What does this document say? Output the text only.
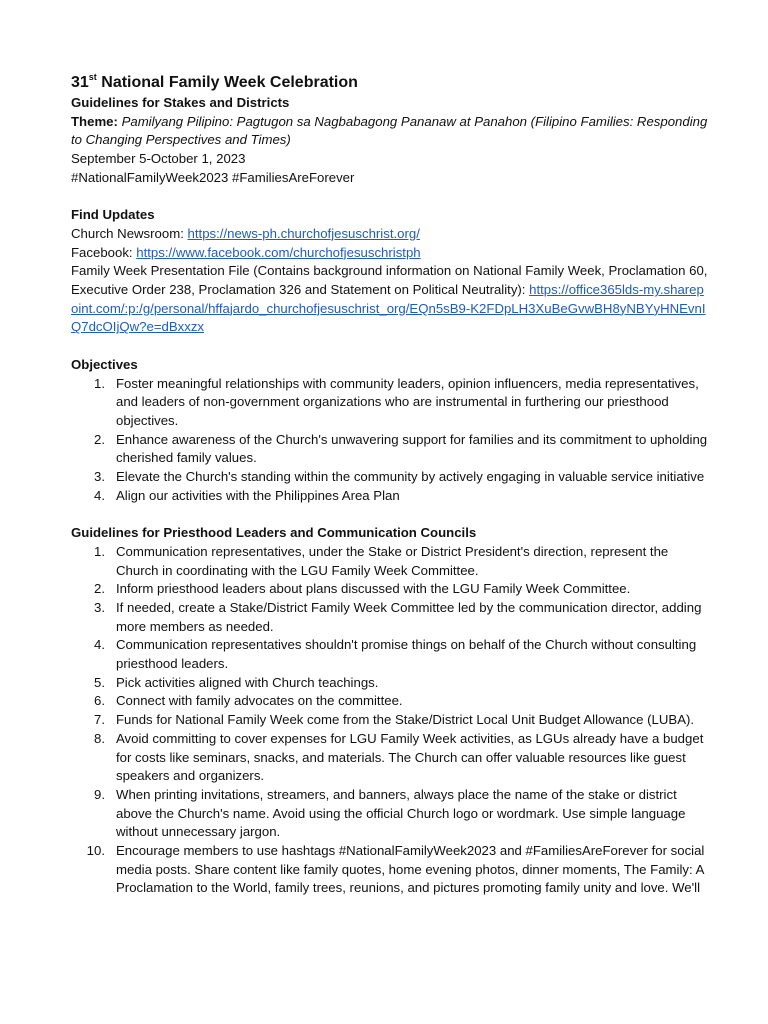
31st National Family Week Celebration

Guidelines for Stakes and Districts

Theme: Pamilyang Pilipino: Pagtugon sa Nagbabagong Pananaw at Panahon (Filipino Families: Responding to Changing Perspectives and Times)

September 5-October 1, 2023

#NationalFamilyWeek2023 #FamiliesAreForever

Find Updates

Church Newsroom: https://news-ph.churchofjesuschrist.org/

Facebook: https://www.facebook.com/churchofjesuschristph

Family Week Presentation File (Contains background information on National Family Week, Proclamation 60, Executive Order 238, Proclamation 326 and Statement on Political Neutrality): https://office365lds-my.sharepoint.com/:p:/g/personal/hffajardo_churchofjesuschrist_org/EQn5sB9-K2FDpLH3XuBeGvwBH8yNBYyHNEvnIQ7dcOIjQw?e=dBxxzx

Objectives

1. Foster meaningful relationships with community leaders, opinion influencers, media representatives, and leaders of non-government organizations who are instrumental in furthering our priesthood objectives.
2. Enhance awareness of the Church's unwavering support for families and its commitment to upholding cherished family values.
3. Elevate the Church's standing within the community by actively engaging in valuable service initiative
4. Align our activities with the Philippines Area Plan

Guidelines for Priesthood Leaders and Communication Councils

1. Communication representatives, under the Stake or District President's direction, represent the Church in coordinating with the LGU Family Week Committee.
2. Inform priesthood leaders about plans discussed with the LGU Family Week Committee.
3. If needed, create a Stake/District Family Week Committee led by the communication director, adding more members as needed.
4. Communication representatives shouldn't promise things on behalf of the Church without consulting priesthood leaders.
5. Pick activities aligned with Church teachings.
6. Connect with family advocates on the committee.
7. Funds for National Family Week come from the Stake/District Local Unit Budget Allowance (LUBA).
8. Avoid committing to cover expenses for LGU Family Week activities, as LGUs already have a budget for costs like seminars, snacks, and materials. The Church can offer valuable resources like guest speakers and organizers.
9. When printing invitations, streamers, and banners, always place the name of the stake or district above the Church's name. Avoid using the official Church logo or wordmark. Use simple language without unnecessary jargon.
10. Encourage members to use hashtags #NationalFamilyWeek2023 and #FamiliesAreForever for social media posts. Share content like family quotes, home evening photos, dinner moments, The Family: A Proclamation to the World, family trees, reunions, and pictures promoting family unity and love. We'll
